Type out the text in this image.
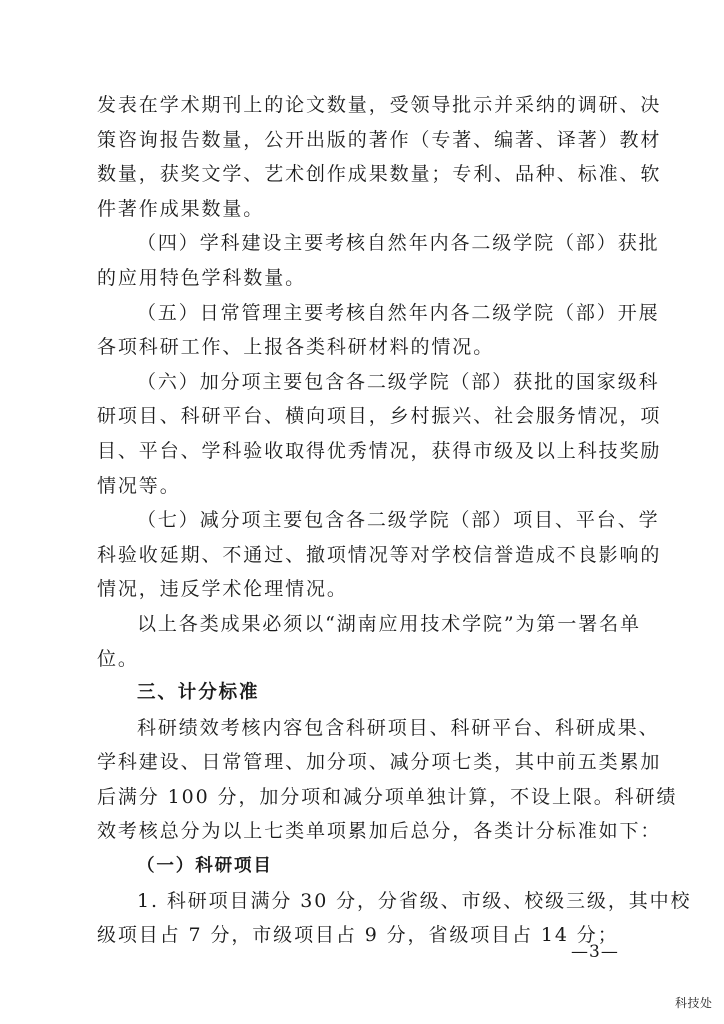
发表在学术期刊上的论文数量，受领导批示并采纳的调研、决
策咨询报告数量，公开出版的著作（专著、编著、译著）教材
数量，获奖文学、艺术创作成果数量；专利、品种、标准、软
件著作成果数量。
（四）学科建设主要考核自然年内各二级学院（部）获批
的应用特色学科数量。
（五）日常管理主要考核自然年内各二级学院（部）开展
各项科研工作、上报各类科研材料的情况。
（六）加分项主要包含各二级学院（部）获批的国家级科
研项目、科研平台、横向项目，乡村振兴、社会服务情况，项
目、平台、学科验收取得优秀情况，获得市级及以上科技奖励
情况等。
（七）减分项主要包含各二级学院（部）项目、平台、学
科验收延期、不通过、撤项情况等对学校信誉造成不良影响的
情况，违反学术伦理情况。
以上各类成果必须以“湖南应用技术学院”为第一署名单
位。
三、计分标准
科研绩效考核内容包含科研项目、科研平台、科研成果、
学科建设、日常管理、加分项、减分项七类，其中前五类累加
后满分 100 分，加分项和减分项单独计算，不设上限。科研绩
效考核总分为以上七类单项累加后总分，各类计分标准如下：
（一）科研项目
1. 科研项目满分 30 分，分省级、市级、校级三级，其中校
级项目占 7 分，市级项目占 9 分，省级项目占 14 分；
—3—
科技处
